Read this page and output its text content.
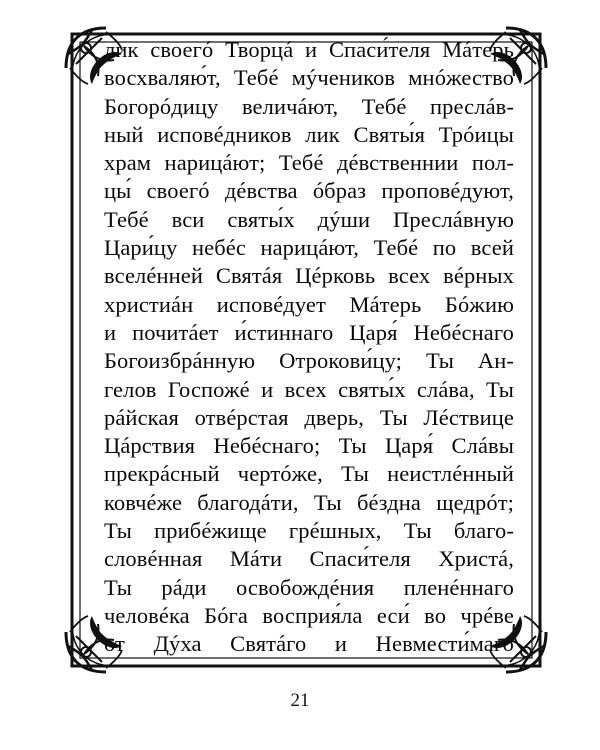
лик своегó Творцá и Спаси́теля Мáтерь
восхваляю́т, Тебé мýчеников мнóжество
Богорóдицу величáют, Тебé преслáв-
ный исповéдников лик Святы́я Трóицы
храм нарицáют; Тебé дéвственнии пол-
цы́ своегó дéвства óбраз проповéдуют,
Тебé вси святы́х дýши Преслáвную
Цари́цу небéс нарицáют, Тебé по всей
вселéнней Святáя Цéрковь всех вéрных
христиáн исповéдует Мáтерь Бóжию
и почитáет и́стиннаго Царя́ Небéснаго
Богоизбрáнную Отрокови́цу; Ты Ан-
гелов Госпожé и всех святы́х слáва, Ты
рáйская отвéрстая дверь, Ты Лéствице
Цáрствия Небéснаго; Ты Царя́ Слáвы
прекрáсный чертóже, Ты неистлéнный
ковчéже благодáти, Ты бéздна щедрóт;
Ты прибéжище грéшных, Ты благо-
словéнная Мáти Спаси́теля Христá,
Ты рáди освобождéния пленéннаго
человéка Бóга восприя́ла еси́ во чрéве
от Дýха Святáго и Невмести́маго
21
